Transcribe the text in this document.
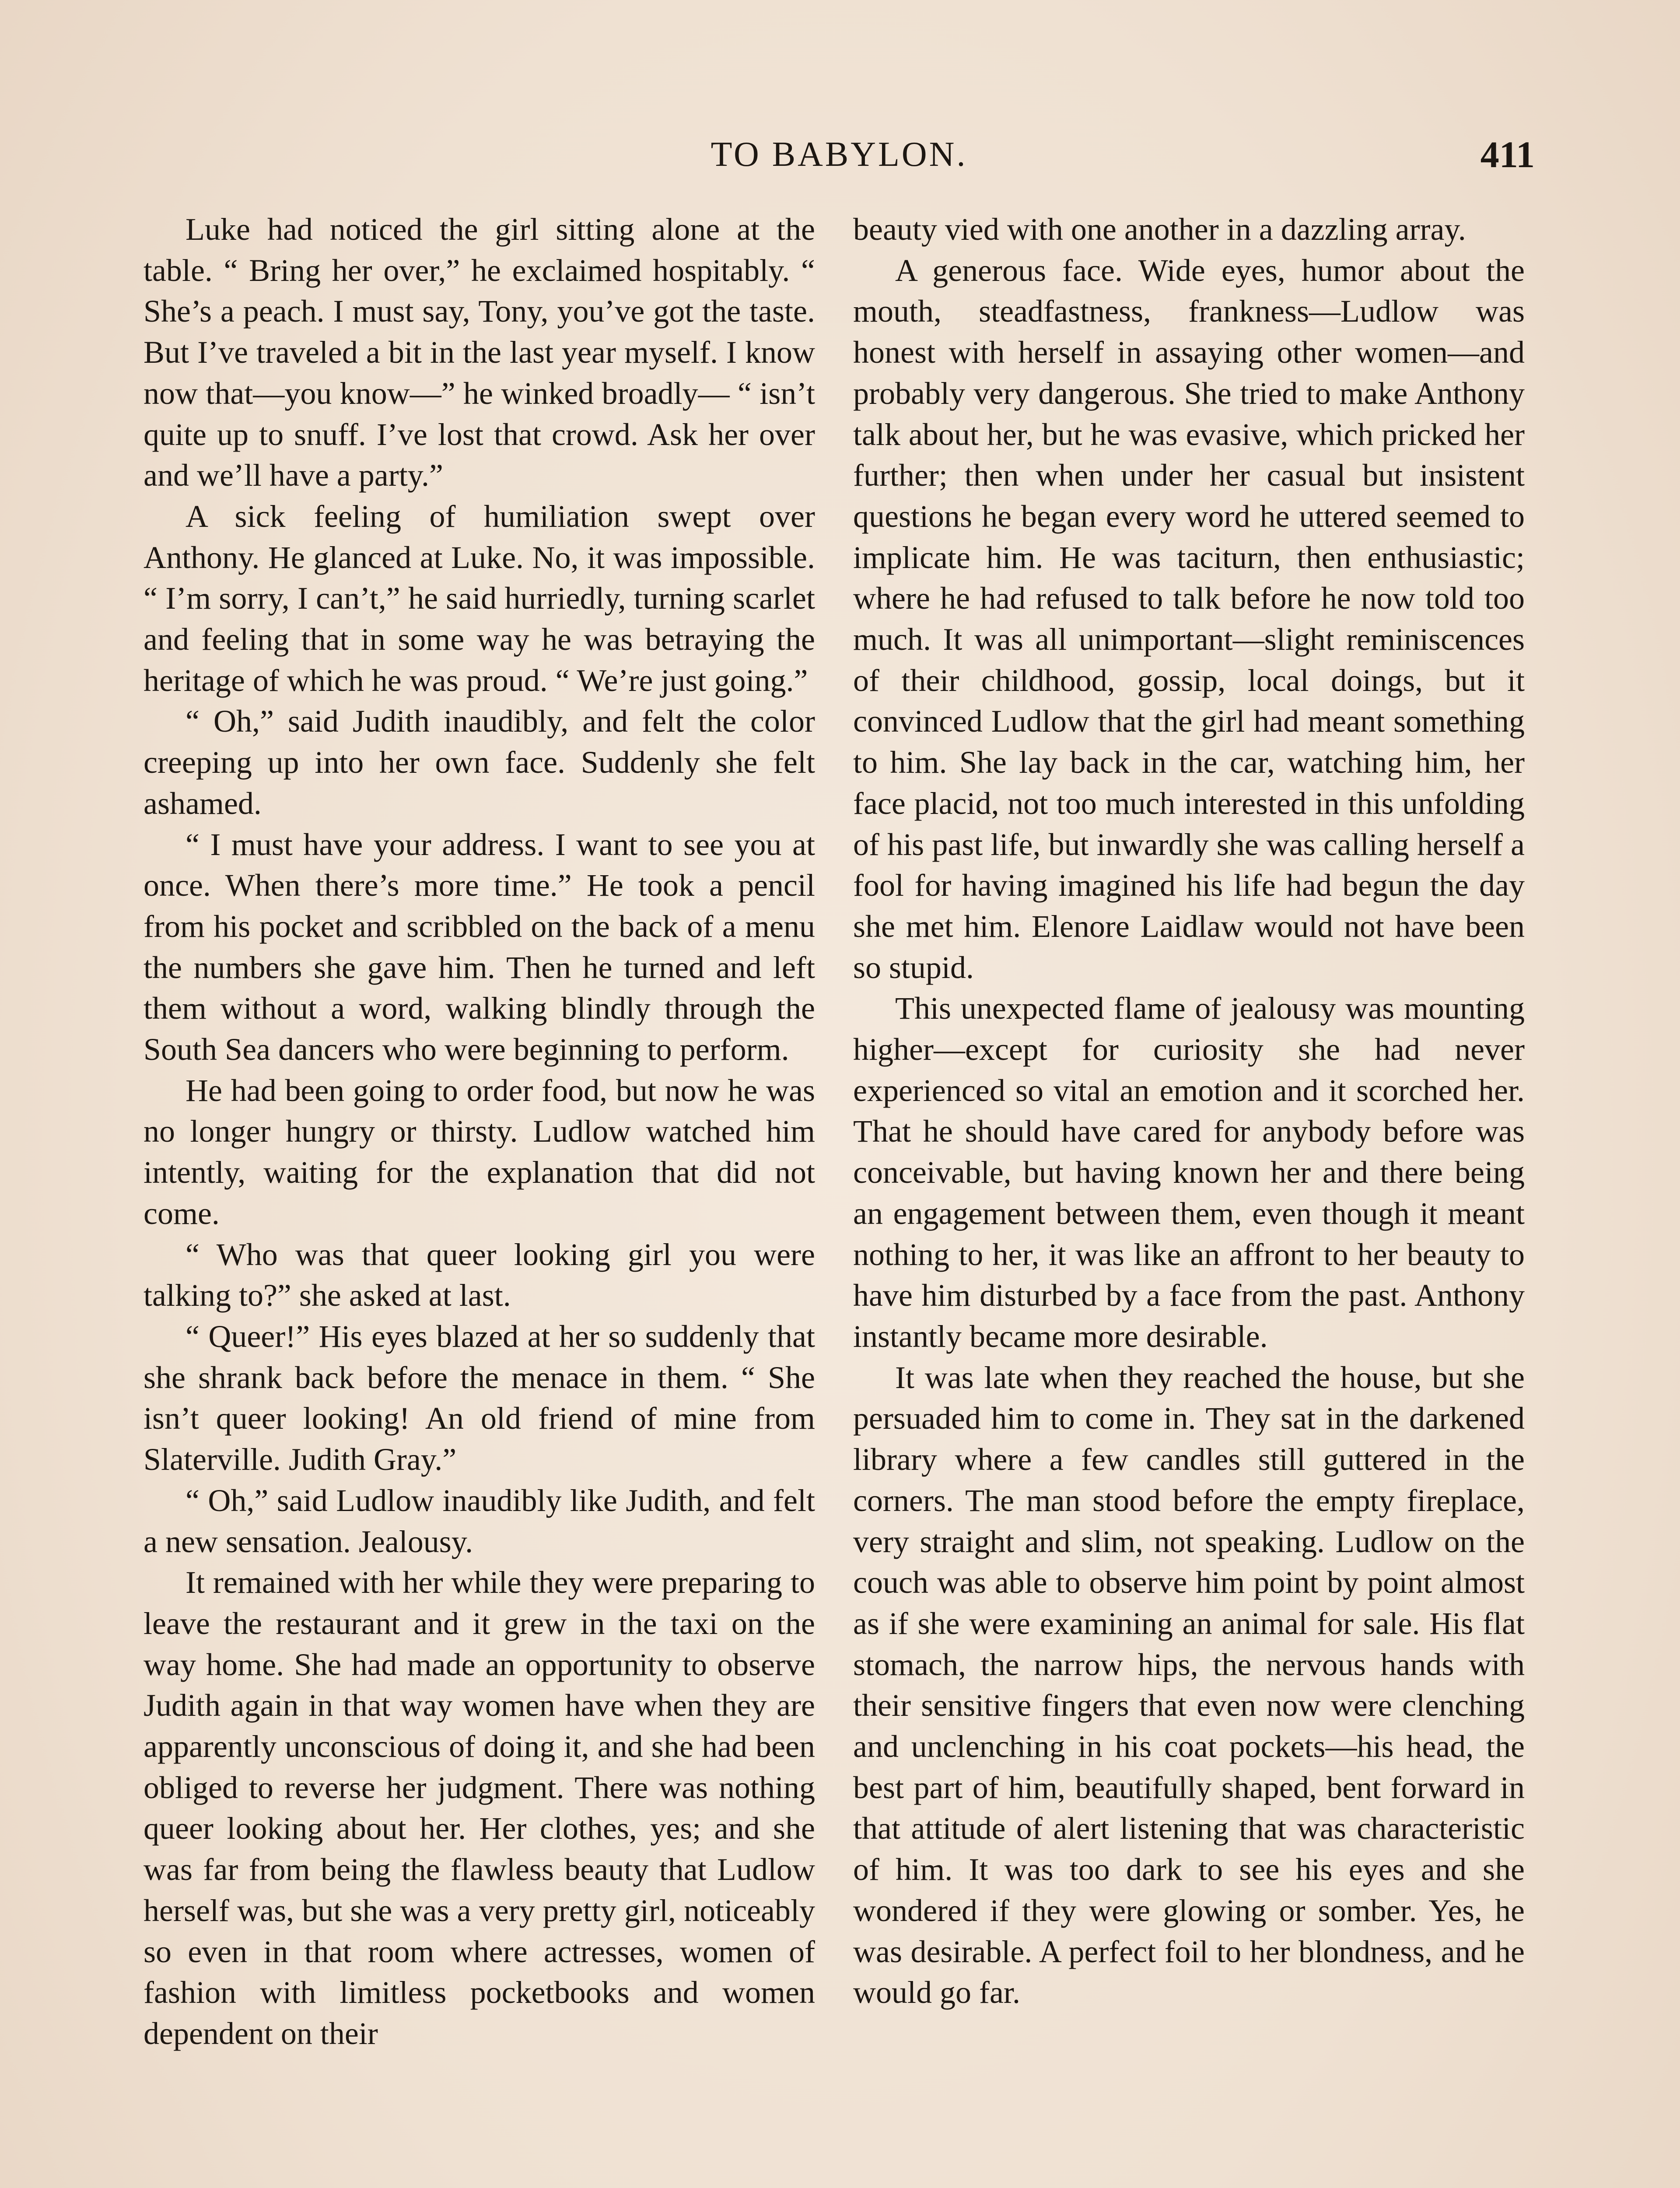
TO BABYLON.	411

Luke had noticed the girl sitting alone at the table. “ Bring her over,” he exclaimed hospitably. “ She’s a peach. I must say, Tony, you’ve got the taste. But I’ve traveled a bit in the last year myself. I know now that—you know—” he winked broadly— “ isn’t quite up to snuff. I’ve lost that crowd. Ask her over and we’ll have a party.”

A sick feeling of humiliation swept over Anthony. He glanced at Luke. No, it was impossible. “ I’m sorry, I can’t,” he said hurriedly, turning scarlet and feeling that in some way he was betraying the heritage of which he was proud. “ We’re just going.”

“ Oh,” said Judith inaudibly, and felt the color creeping up into her own face. Suddenly she felt ashamed.

“ I must have your address. I want to see you at once. When there’s more time.” He took a pencil from his pocket and scribbled on the back of a menu the numbers she gave him. Then he turned and left them without a word, walking blindly through the South Sea dancers who were beginning to perform.

He had been going to order food, but now he was no longer hungry or thirsty. Ludlow watched him intently, waiting for the explanation that did not come.

“ Who was that queer looking girl you were talking to?” she asked at last.

“ Queer!” His eyes blazed at her so suddenly that she shrank back before the menace in them. “ She isn’t queer looking! An old friend of mine from Slaterville. Judith Gray.”

“ Oh,” said Ludlow inaudibly like Judith, and felt a new sensation. Jealousy.

It remained with her while they were preparing to leave the restaurant and it grew in the taxi on the way home. She had made an opportunity to observe Judith again in that way women have when they are apparently unconscious of doing it, and she had been obliged to reverse her judgment. There was nothing queer looking about her. Her clothes, yes; and she was far from being the flawless beauty that Ludlow herself was, but she was a very pretty girl, noticeably so even in that room where actresses, women of fashion with limitless pocketbooks and women dependent on their

beauty vied with one another in a dazzling array.

A generous face. Wide eyes, humor about the mouth, steadfastness, frankness—Ludlow was honest with herself in assaying other women—and probably very dangerous. She tried to make Anthony talk about her, but he was evasive, which pricked her further; then when under her casual but insistent questions he began every word he uttered seemed to implicate him. He was taciturn, then enthusiastic; where he had refused to talk before he now told too much. It was all unimportant—slight reminiscences of their childhood, gossip, local doings, but it convinced Ludlow that the girl had meant something to him. She lay back in the car, watching him, her face placid, not too much interested in this unfolding of his past life, but inwardly she was calling herself a fool for having imagined his life had begun the day she met him. Elenore Laidlaw would not have been so stupid.

This unexpected flame of jealousy was mounting higher—except for curiosity she had never experienced so vital an emotion and it scorched her. That he should have cared for anybody before was conceivable, but having known her and there being an engagement between them, even though it meant nothing to her, it was like an affront to her beauty to have him disturbed by a face from the past. Anthony instantly became more desirable.

It was late when they reached the house, but she persuaded him to come in. They sat in the darkened library where a few candles still guttered in the corners. The man stood before the empty fireplace, very straight and slim, not speaking. Ludlow on the couch was able to observe him point by point almost as if she were examining an animal for sale. His flat stomach, the narrow hips, the nervous hands with their sensitive fingers that even now were clenching and unclenching in his coat pockets—his head, the best part of him, beautifully shaped, bent forward in that attitude of alert listening that was characteristic of him. It was too dark to see his eyes and she wondered if they were glowing or somber. Yes, he was desirable. A perfect foil to her blondness, and he would go far.
